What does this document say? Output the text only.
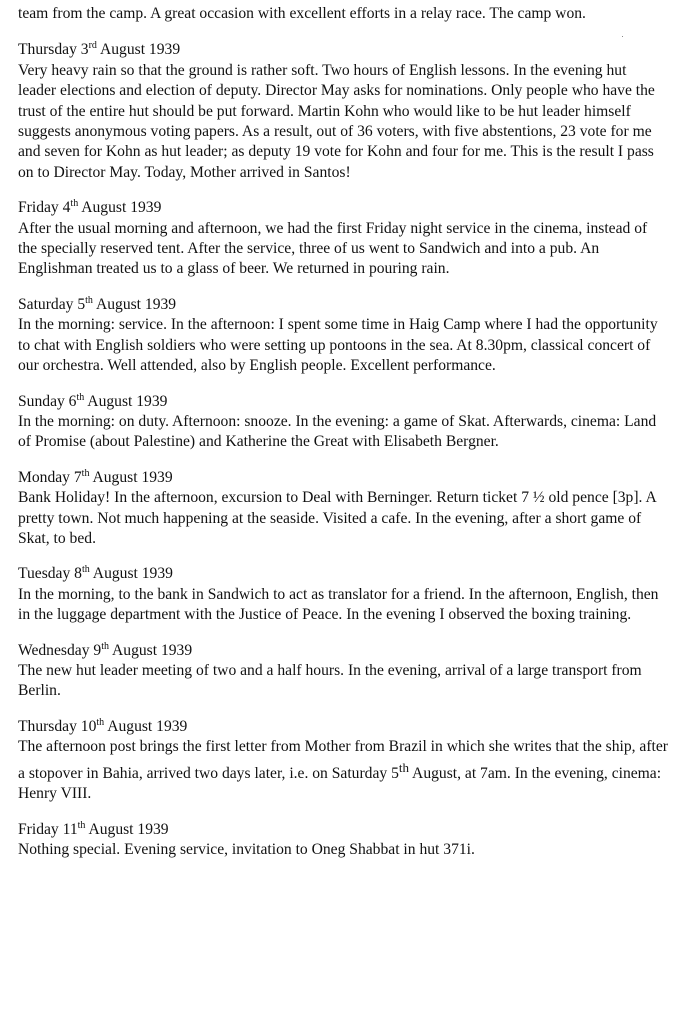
team from the camp. A great occasion with excellent efforts in a relay race. The camp won.

Thursday 3rd August 1939
Very heavy rain so that the ground is rather soft. Two hours of English lessons. In the evening hut leader elections and election of deputy. Director May asks for nominations. Only people who have the trust of the entire hut should be put forward. Martin Kohn who would like to be hut leader himself suggests anonymous voting papers. As a result, out of 36 voters, with five abstentions, 23 vote for me and seven for Kohn as hut leader; as deputy 19 vote for Kohn and four for me. This is the result I pass on to Director May. Today, Mother arrived in Santos!
Friday 4th August 1939
After the usual morning and afternoon, we had the first Friday night service in the cinema, instead of the specially reserved tent. After the service, three of us went to Sandwich and into a pub. An Englishman treated us to a glass of beer. We returned in pouring rain.
Saturday 5th August 1939
In the morning: service. In the afternoon: I spent some time in Haig Camp where I had the opportunity to chat with English soldiers who were setting up pontoons in the sea. At 8.30pm, classical concert of our orchestra. Well attended, also by English people. Excellent performance.
Sunday 6th August 1939
In the morning: on duty. Afternoon: snooze. In the evening: a game of Skat. Afterwards, cinema: Land of Promise (about Palestine) and Katherine the Great with Elisabeth Bergner.
Monday 7th August 1939
Bank Holiday! In the afternoon, excursion to Deal with Berninger. Return ticket 7 ½ old pence [3p]. A pretty town. Not much happening at the seaside. Visited a cafe. In the evening, after a short game of Skat, to bed.
Tuesday 8th August 1939
In the morning, to the bank in Sandwich to act as translator for a friend. In the afternoon, English, then in the luggage department with the Justice of Peace. In the evening I observed the boxing training.
Wednesday 9th August 1939
The new hut leader meeting of two and a half hours. In the evening, arrival of a large transport from Berlin.
Thursday 10th August 1939
The afternoon post brings the first letter from Mother from Brazil in which she writes that the ship, after a stopover in Bahia, arrived two days later, i.e. on Saturday 5th August, at 7am. In the evening, cinema: Henry VIII.
Friday 11th August 1939
Nothing special. Evening service, invitation to Oneg Shabbat in hut 371i.
